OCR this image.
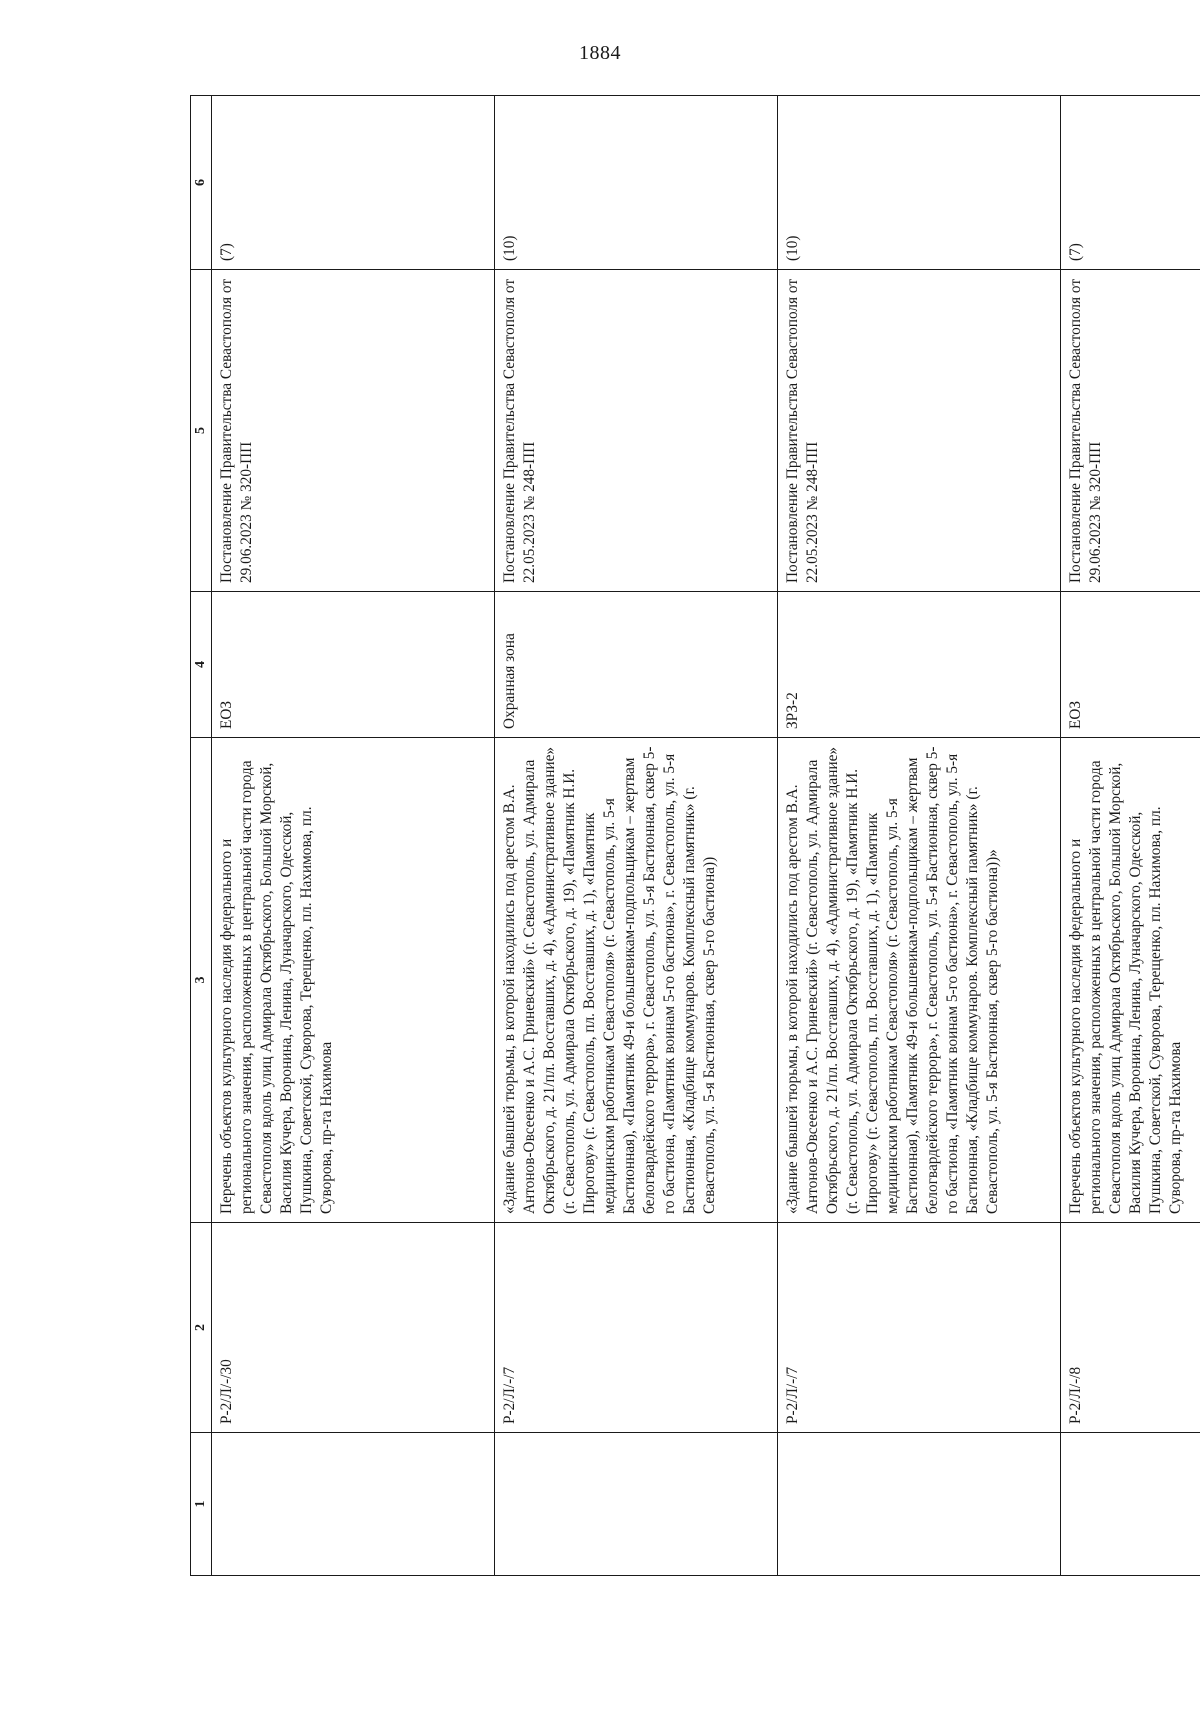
1884
1	2	3	4	5	6
	Р-2/Л/-/30	Перечень объектов культурного наследия федерального и регионального значения, расположенных в центральной части города Севастополя вдоль улиц Адмирала Октябрьского, Большой Морской, Василия Кучера, Воронина, Ленина, Луначарского, Одесской, Пушкина, Советской, Суворова, Терещенко, пл. Нахимова, пл. Суворова, пр-та Нахимова	ЕОЗ	Постановление Правительства Севастополя от 29.06.2023 № 320-ПП	(7)
	Р-2/Л/-/7	«Здание бывшей тюрьмы, в которой находились под арестом В.А. Антонов-Овсеенко и А.С. Гриневский» (г. Севастополь, ул. Адмирала Октябрьского, д. 21/пл. Восставших, д. 4), «Административное здание» (г. Севастополь, ул. Адмирала Октябрьского, д. 19), «Памятник Н.И. Пирогову» (г. Севастополь, пл. Восставших, д. 1), «Памятник медицинским работникам Севастополя» (г. Севастополь, ул. 5-я Бастионная), «Памятник 49-и большевикам-подпольщикам – жертвам белогвардейского террора», г. Севастополь, ул. 5-я Бастионная, сквер 5-го бастиона, «Памятник воинам 5-го бастиона», г. Севастополь, ул. 5-я Бастионная, «Кладбище коммунаров. Комплексный памятник» (г. Севастополь, ул. 5-я Бастионная, сквер 5-го бастиона))	Охранная зона	Постановление Правительства Севастополя от 22.05.2023 № 248-ПП	(10)
	Р-2/Л/-/7	«Здание бывшей тюрьмы, в которой находились под арестом В.А. Антонов-Овсеенко и А.С. Гриневский» (г. Севастополь, ул. Адмирала Октябрьского, д. 21/пл. Восставших, д. 4), «Административное здание» (г. Севастополь, ул. Адмирала Октябрьского, д. 19), «Памятник Н.И. Пирогову» (г. Севастополь, пл. Восставших, д. 1), «Памятник медицинским работникам Севастополя» (г. Севастополь, ул. 5-я Бастионная), «Памятник 49-и большевикам-подпольщикам – жертвам белогвардейского террора», г. Севастополь, ул. 5-я Бастионная, сквер 5-го бастиона, «Памятник воинам 5-го бастиона», г. Севастополь, ул. 5-я Бастионная, «Кладбище коммунаров. Комплексный памятник» (г. Севастополь, ул. 5-я Бастионная, сквер 5-го бастиона))»	ЗРЗ-2	Постановление Правительства Севастополя от 22.05.2023 № 248-ПП	(10)
	Р-2/Л/-/8	Перечень объектов культурного наследия федерального и регионального значения, расположенных в центральной части города Севастополя вдоль улиц Адмирала Октябрьского, Большой Морской, Василия Кучера, Воронина, Ленина, Луначарского, Одесской, Пушкина, Советской, Суворова, Терещенко, пл. Нахимова, пл. Суворова, пр-та Нахимова	ЕОЗ	Постановление Правительства Севастополя от 29.06.2023 № 320-ПП	(7)
